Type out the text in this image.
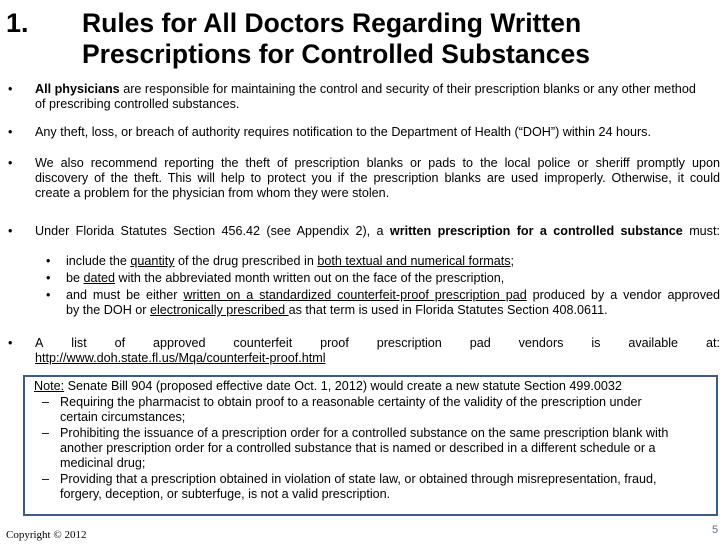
1. Rules for All Doctors Regarding Written
Prescriptions for Controlled Substances
• All physicians are responsible for maintaining the control and security of their prescription blanks or any other method
of prescribing controlled substances.
• Any theft, loss, or breach of authority requires notification to the Department of Health (“DOH”) within 24 hours.
• We also recommend reporting the theft of prescription blanks or pads to the local police or sheriff promptly upon
discovery of the theft. This will help to protect you if the prescription blanks are used improperly. Otherwise, it could
create a problem for the physician from whom they were stolen.
• Under Florida Statutes Section 456.42 (see Appendix 2), a written prescription for a controlled substance must:
• include the quantity of the drug prescribed in both textual and numerical formats;
• be dated with the abbreviated month written out on the face of the prescription,
• and must be either written on a standardized counterfeit-proof prescription pad produced by a vendor approved
by the DOH or electronically prescribed as that term is used in Florida Statutes Section 408.0611.
• A list of approved counterfeit proof prescription pad vendors is available at:
http://www.doh.state.fl.us/Mqa/counterfeit-proof.html
Note: Senate Bill 904 (proposed effective date Oct. 1, 2012) would create a new statute Section 499.0032
– Requiring the pharmacist to obtain proof to a reasonable certainty of the validity of the prescription under
certain circumstances;
– Prohibiting the issuance of a prescription order for a controlled substance on the same prescription blank with
another prescription order for a controlled substance that is named or described in a different schedule or a
medicinal drug;
– Providing that a prescription obtained in violation of state law, or obtained through misrepresentation, fraud,
forgery, deception, or subterfuge, is not a valid prescription.
Copyright © 2012	5
